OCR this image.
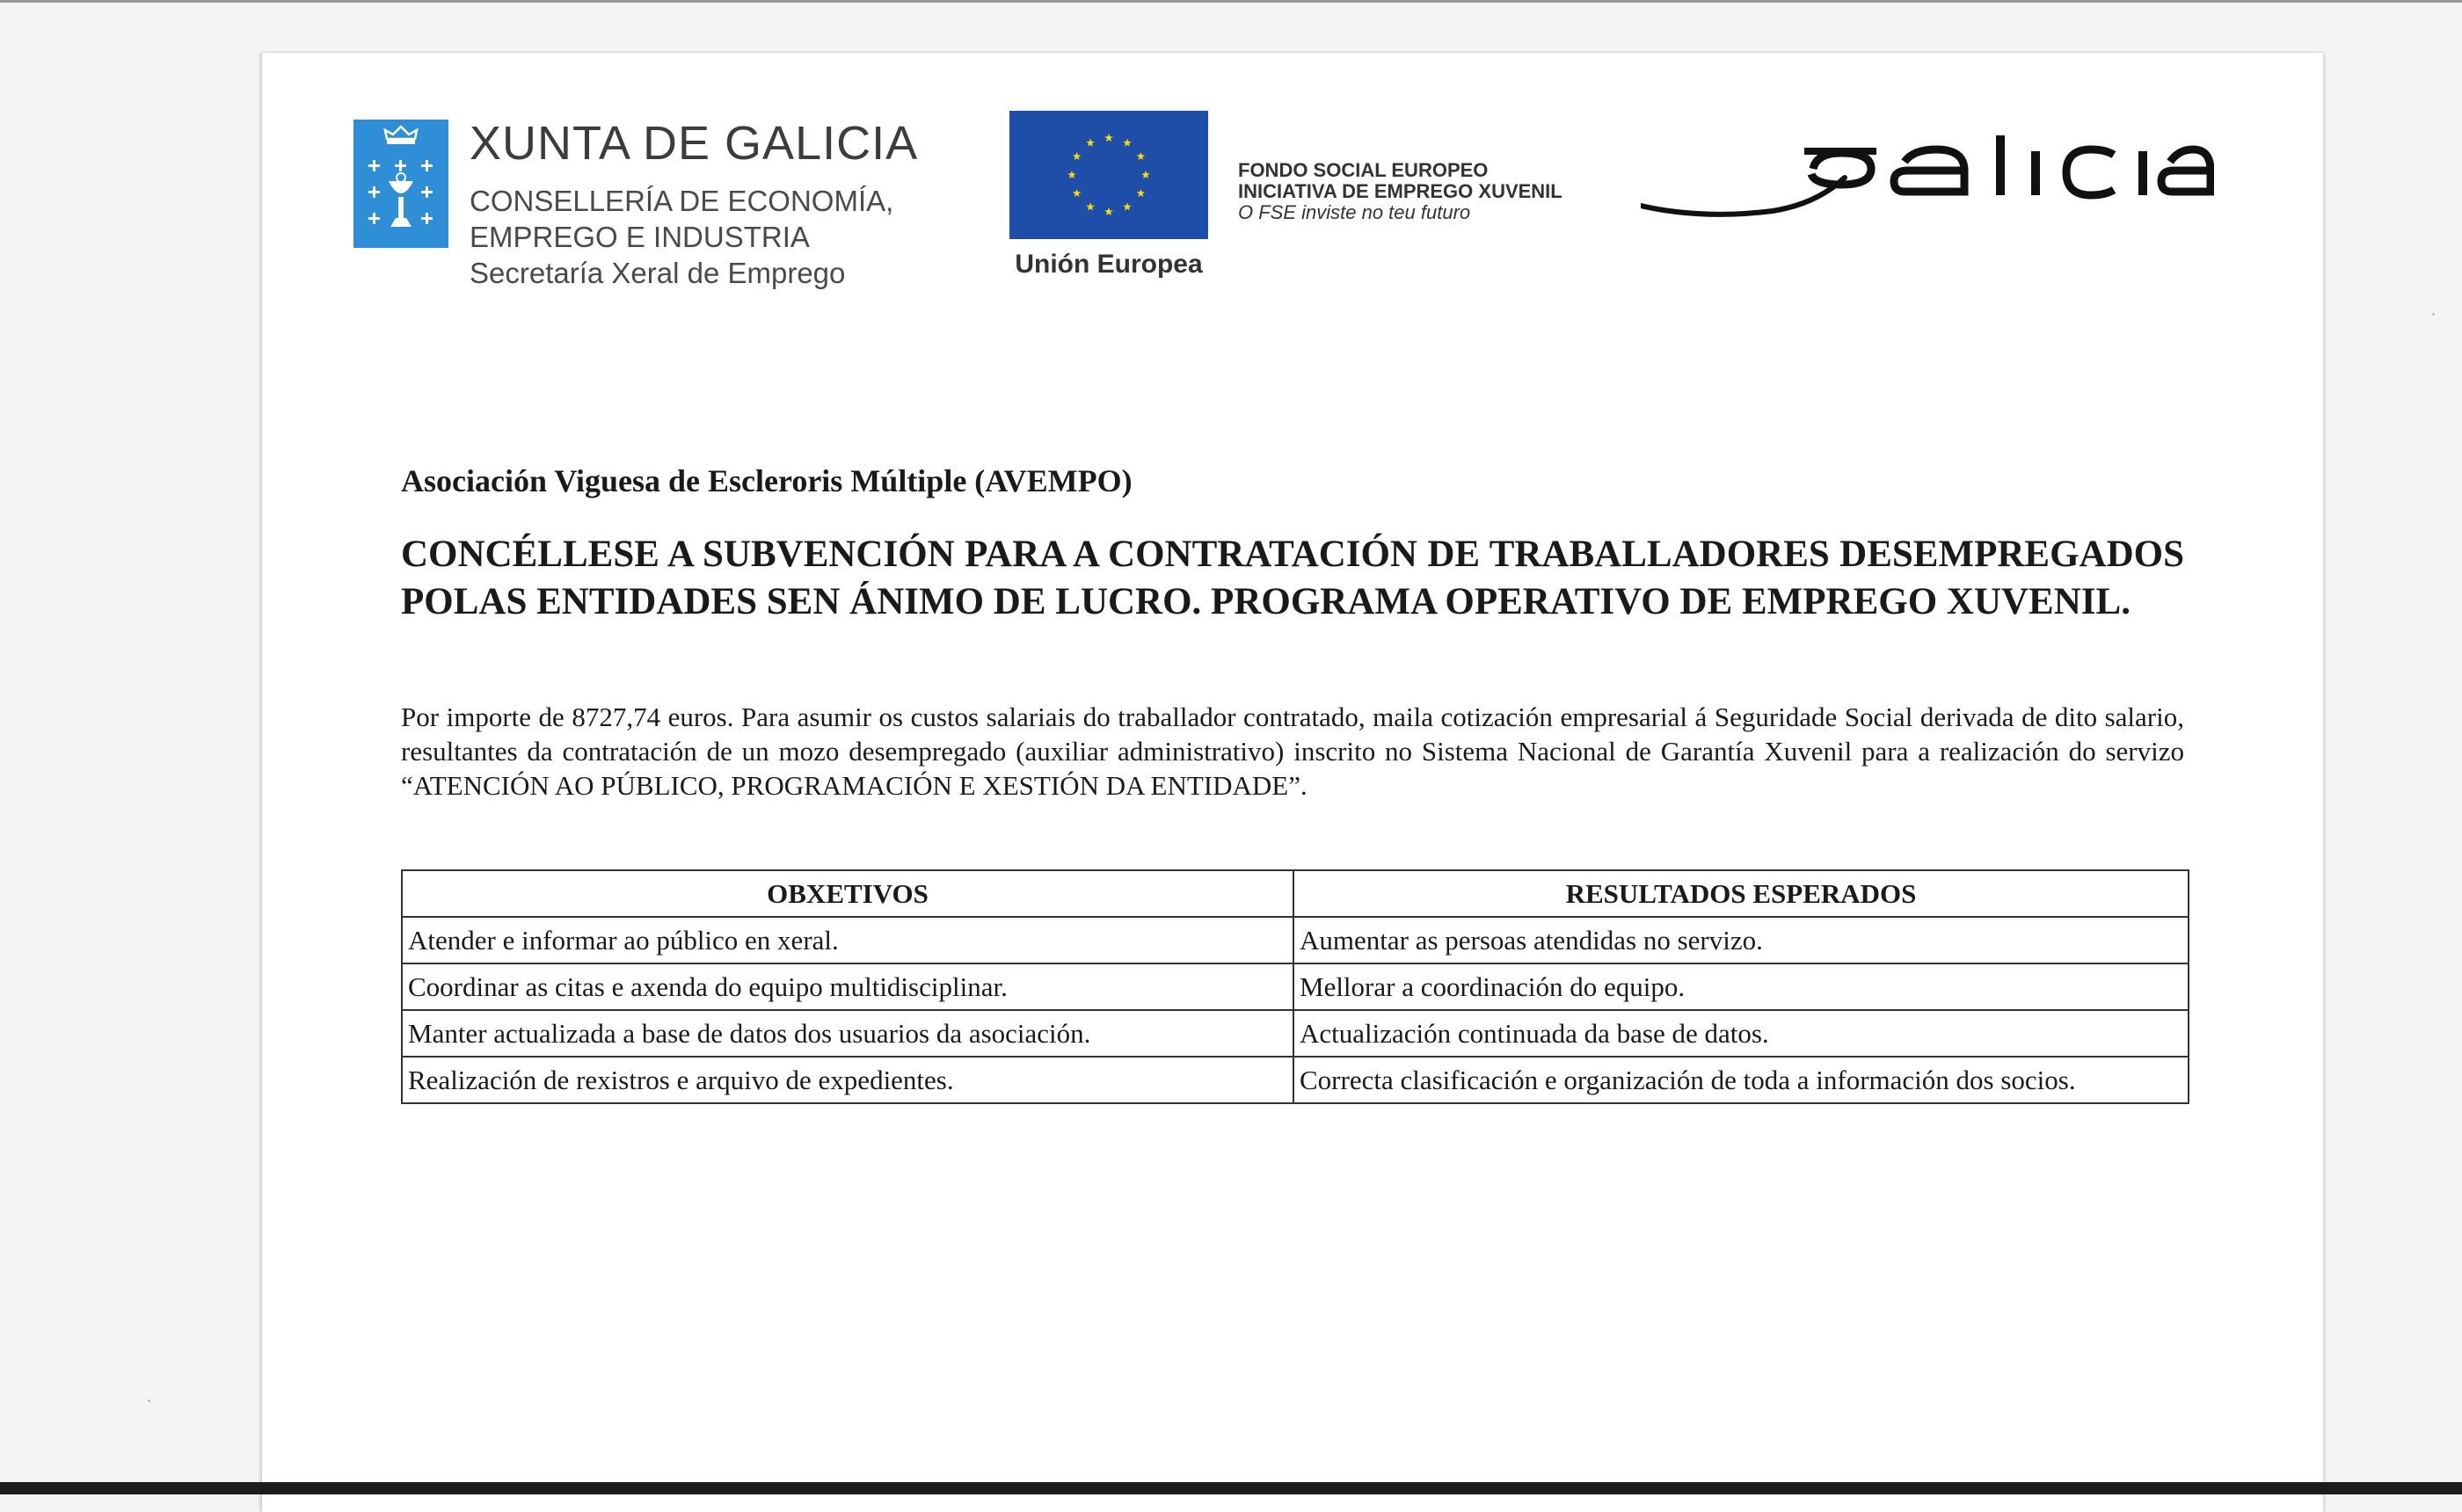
XUNTA DE GALICIA
CONSELLERÍA DE ECONOMÍA,
EMPREGO E INDUSTRIA
Secretaría Xeral de Emprego	Unión Europea
FONDO SOCIAL EUROPEO
INICIATIVA DE EMPREGO XUVENIL
O FSE inviste no teu futuro
Asociación Viguesa de Escleroris Múltiple (AVEMPO)
CONCÉLLESE A SUBVENCIÓN PARA A CONTRATACIÓN DE TRABALLADORES DESEMPREGADOS POLAS ENTIDADES SEN ÁNIMO DE LUCRO. PROGRAMA OPERATIVO DE EMPREGO XUVENIL.
Por importe de 8727,74 euros. Para asumir os custos salariais do traballador contratado, maila cotización empresarial á Seguridade Social derivada de dito salario, resultantes da contratación de un mozo desempregado (auxiliar administrativo) inscrito no Sistema Nacional de Garantía Xuvenil para a realización do servizo “ATENCIÓN AO PÚBLICO, PROGRAMACIÓN E XESTIÓN DA ENTIDADE”.
OBXETIVOS	RESULTADOS ESPERADOS
Atender e informar ao público en xeral.	Aumentar as persoas atendidas no servizo.
Coordinar as citas e axenda do equipo multidisciplinar.	Mellorar a coordinación do equipo.
Manter actualizada a base de datos dos usuarios da asociación.	Actualización continuada da base de datos.
Realización de rexistros e arquivo de expedientes.	Correcta clasificación e organización de toda a información dos socios.
